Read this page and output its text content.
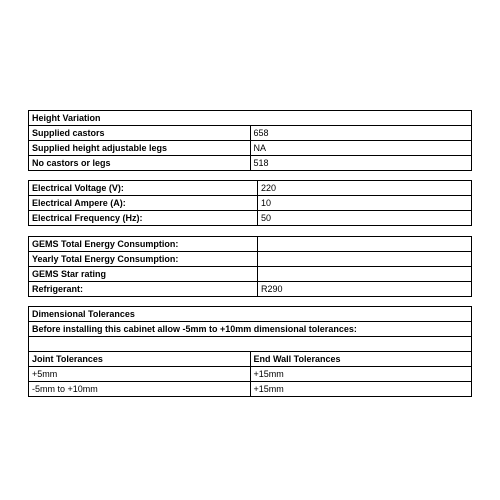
Height Variation	
Supplied castors	658
Supplied height adjustable legs	NA
No castors or legs	518
Electrical Voltage (V):	220
Electrical Ampere (A):	10
Electrical Frequency (Hz):	50
GEMS Total Energy Consumption:	
Yearly Total Energy Consumption:	
GEMS Star rating	
Refrigerant:	R290
Dimensional Tolerances	
Before installing this cabinet allow -5mm to +10mm dimensional tolerances:	

Joint Tolerances	End Wall Tolerances
+5mm	+15mm
-5mm to +10mm	+15mm
